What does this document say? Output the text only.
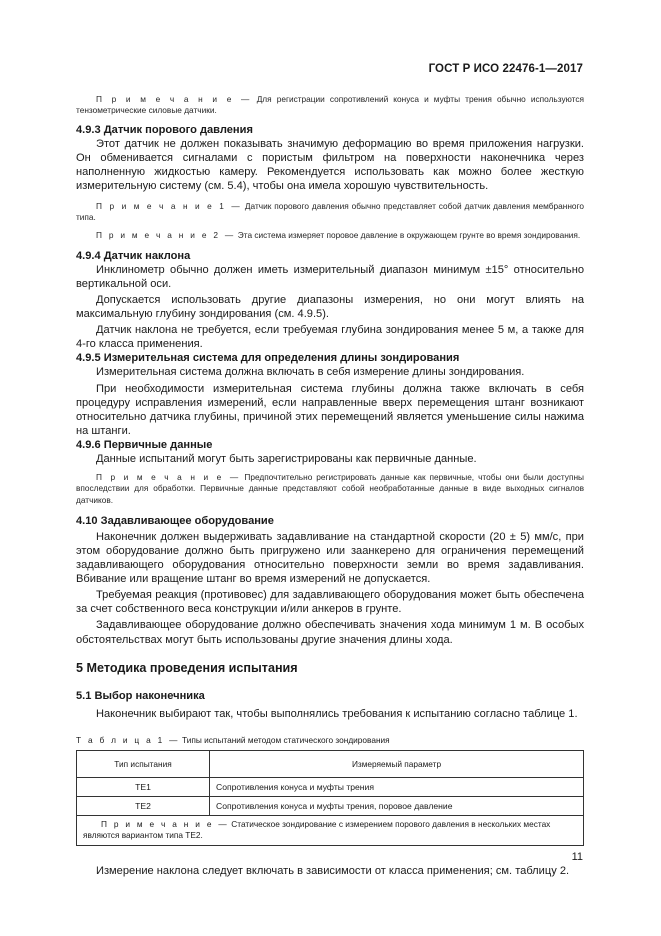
ГОСТ Р ИСО 22476-1—2017

П р и м е ч а н и е — Для регистрации сопротивлений конуса и муфты трения обычно используются тензометрические силовые датчики.

4.9.3 Датчик порового давления

Этот датчик не должен показывать значимую деформацию во время приложения нагрузки. Он обменивается сигналами с пористым фильтром на поверхности наконечника через наполненную жидкостью камеру. Рекомендуется использовать как можно более жесткую измерительную систему (см. 5.4), чтобы она имела хорошую чувствительность.

П р и м е ч а н и е 1 — Датчик порового давления обычно представляет собой датчик давления мембранного типа.

П р и м е ч а н и е 2 — Эта система измеряет поровое давление в окружающем грунте во время зондирования.

4.9.4 Датчик наклона

Инклинометр обычно должен иметь измерительный диапазон минимум ±15° относительно вертикальной оси.

Допускается использовать другие диапазоны измерения, но они могут влиять на максимальную глубину зондирования (см. 4.9.5).

Датчик наклона не требуется, если требуемая глубина зондирования менее 5 м, а также для 4-го класса применения.

4.9.5 Измерительная система для определения длины зондирования

Измерительная система должна включать в себя измерение длины зондирования.

При необходимости измерительная система глубины должна также включать в себя процедуру исправления измерений, если направленные вверх перемещения штанг возникают относительно датчика глубины, причиной этих перемещений является уменьшение силы нажима на штанги.

4.9.6 Первичные данные

Данные испытаний могут быть зарегистрированы как первичные данные.

П р и м е ч а н и е — Предпочтительно регистрировать данные как первичные, чтобы они были доступны впоследствии для обработки. Первичные данные представляют собой необработанные данные в виде выходных сигналов датчиков.

4.10 Задавливающее оборудование

Наконечник должен выдерживать задавливание на стандартной скорости (20 ± 5) мм/с, при этом оборудование должно быть пригружено или заанкерено для ограничения перемещений задавливающего оборудования относительно поверхности земли во время задавливания. Вбивание или вращение штанг во время измерений не допускается.

Требуемая реакция (противовес) для задавливающего оборудования может быть обеспечена за счет собственного веса конструкции и/или анкеров в грунте.

Задавливающее оборудование должно обеспечивать значения хода минимум 1 м. В особых обстоятельствах могут быть использованы другие значения длины хода.

5 Методика проведения испытания

5.1 Выбор наконечника

Наконечник выбирают так, чтобы выполнялись требования к испытанию согласно таблице 1.

Т а б л и ц а 1 — Типы испытаний методом статического зондирования

Тип испытания	Измеряемый параметр
TE1	Сопротивления конуса и муфты трения
TE2	Сопротивления конуса и муфты трения, поровое давление
П р и м е ч а н и е — Статическое зондирование с измерением порового давления в нескольких местах являются вариантом типа TE2.	

Измерение наклона следует включать в зависимости от класса применения; см. таблицу 2.

11
